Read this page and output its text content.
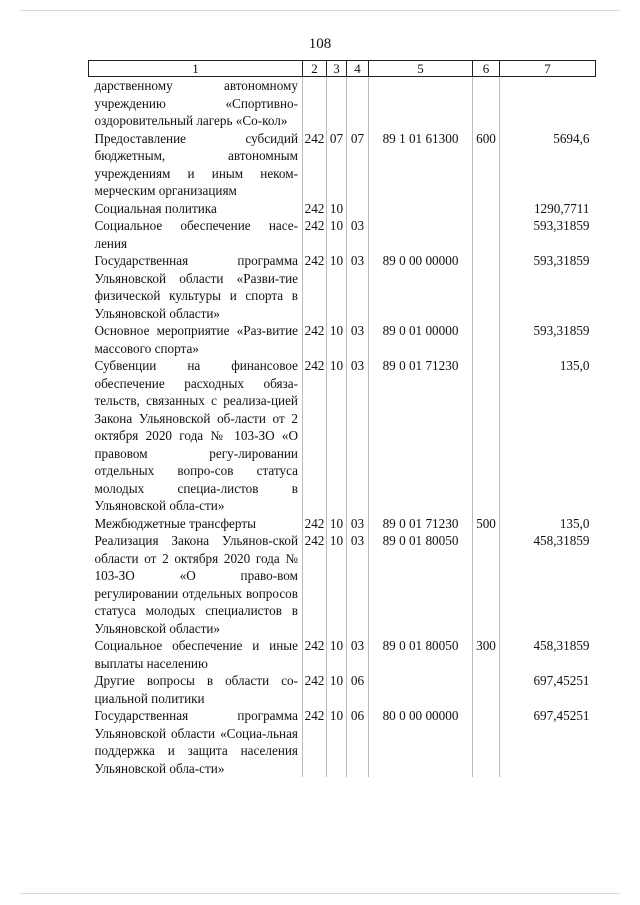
108
1	2	3	4	5	6	7
дарственному автономному учреждению «Спортивно-оздоровительный лагерь «Со-кол»						
Предоставление субсидий бюджетным, автономным учреждениям и иным неком-мерческим организациям	242	07	07	89 1 01 61300	600	5694,6
Социальная политика	242	10				1290,7711
Социальное обеспечение насе-ления	242	10	03			593,31859
Государственная программа Ульяновской области «Разви-тие физической культуры и спорта в Ульяновской области»	242	10	03	89 0 00 00000		593,31859
Основное мероприятие «Раз-витие массового спорта»	242	10	03	89 0 01 00000		593,31859
Субвенции на финансовое обеспечение расходных обяза-тельств, связанных с реализа-цией Закона Ульяновской об-ласти от 2 октября 2020 года № 103-ЗО «О правовом регу-лировании отдельных вопро-сов статуса молодых специа-листов в Ульяновской обла-сти»	242	10	03	89 0 01 71230		135,0
Межбюджетные трансферты	242	10	03	89 0 01 71230	500	135,0
Реализация Закона Ульянов-ской области от 2 октября 2020 года № 103-ЗО «О право-вом регулировании отдельных вопросов статуса молодых специалистов в Ульяновской области»	242	10	03	89 0 01 80050		458,31859
Социальное обеспечение и иные выплаты населению	242	10	03	89 0 01 80050	300	458,31859
Другие вопросы в области со-циальной политики	242	10	06			697,45251
Государственная программа Ульяновской области «Социа-льная поддержка и защита населения Ульяновской обла-сти»	242	10	06	80 0 00 00000		697,45251
